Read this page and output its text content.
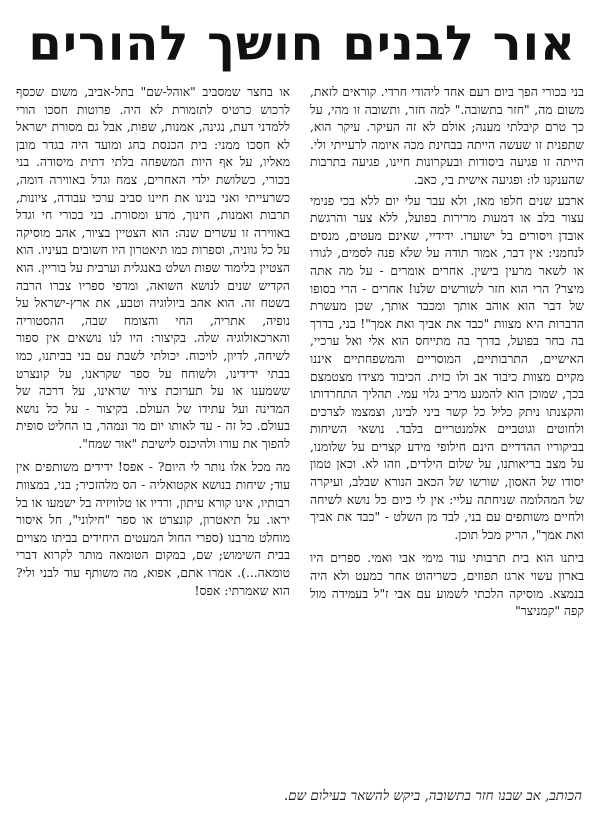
אור לבנים חושך להורים

בני בכורי הפך ביום רעם אחד ליהודי חרדי. קוראים לזאת, משום מה, "חזר בתשובה." למה חזר, ותשובה זו מהי, על כך טרם קיבלתי מענה; אולם לא זה העיקר. עיקר הוא, שתפנית זו שעשה הייתה בבחינת מכה איומה לרעייתי ולי. הייתה זו פגיעה ביסודות ובעקרונות חיינו, פגיעה בתרבות שהענקנו לו: ופגיעה אישית בי, כאב.

ארבע שנים חלפו מאז, ולא עבר עלי יום ללא בכי פנימי עצור בלב או דמעות מרירות בפועל, ללא צער והרגשת אובדן ויסורים בל ישוערו. ידידיי, שאינם מעטים, מנסים לנחמני: אין דבר, אמור תודה על שלא פנה לסמים, לגורו או לשאר מרעין בישין. אחרים אומרים - על מה אתה מיצר? הרי הוא חזר לשורשים שלנו! אחרים - הרי בסופו של דבר הוא אוהב אותך ומכבד אותך, שכן מעשרת הדברות היא מצוות "כבד את אביך ואת אמך"! בני, בדרך בה בחר בפועל, בדרך בה מתייחס הוא אלי ואל ערכיי, האישיים, התרבותיים, המוסריים והמשפחתיים איננו מקיים מצוות כיבוד אב ולו כזית. הכיבוד מצידו מצטמצם בכך, שמוכן הוא להמנע מריב גלוי עמי. תהליך התחרדותו והקצנתו ניתק כליל כל קשר ביני לבינו, וצמצמו לצרכים ולחוטים וגוטביים אלמנטריים בלבד. נושאי השיחות בביקוריו ההדדיים הינם חילופי מידע קצרים על שלומנו, על מצב בריאותנו, על שלום הילדים, וזהו לא. וכאן טמון יסודו של האסון, שורשו של הכאב הנורא שבלב, ועיקרה של המהלומה שניחתה עליי: אין לי כיום כל נושא לשיחה ולחיים משותפים עם בני, לבד מן השלט - "כבד את אביך ואת אמך", הריק מכל תוכן.

ביתנו הוא בית תרבותי עוד מימי אבי ואמי. ספרים היו בארון עשוי ארגז תפוזים, כשריהוט אחר כמעט ולא היה בנמצא. מוסיקה הלכתי לשמוע עם אבי ז"ל בעמידה מול קפה "קמניצר"

או בחצר שמסביב "אוהל-שם" בתל-אביב, משום שכסף לרכוש כרטיס לתזמורת לא היה. פרוטות חסכו הורי ללמדני דעת, נגינה, אמנות, שפות, אבל גם מסורת ישראל לא חסכו ממני: בית הכנסת בחג ומועד היה בגדר מובן מאליו, על אף היות המשפחה בלתי דתית מיסודה. בני בכורי, כשלושת ילדי האחרים, צמח וגדל באווירה דומה, כשרעייתי ואני בנינו את חיינו סביב ערכי עבודה, ציונות, תרבות ואמנות, חינוך, מדע ומסורת. בני בכורי חי וגדל באווירה זו עשרים שנה: הוא הצטיין בציור, אהב מוסיקה על כל גווניה, וספרות כמו תיאטרון היו חשובים בעיניו. הוא הצטיין בלימוד שפות ושלט באנגלית וערבית על בוריין. הוא הקדיש שנים לנושא השואה, ומדפי ספריו צברו הרבה בשטח זה. הוא אהב ביולוגיה וטבע, את ארץ-ישראל על נופיה, אתריה, החי והצומח שבה, ההסטוריה והארכאולוגיה שלה. בקיצור: היו לנו נושאים אין ספור לשיחה, לדיון, לויכוח. יכולתי לשבת עם בני בביתנו, כמו בבתי ידידינו, ולשוחח על ספר שקראנו, על קונצרט ששמענו או על תערוכת ציור שראינו, על דרכה של המדינה ועל עתידו של העולם. בקיצור - על כל נושא בעולם. כל זה - עד לאותו יום מר ונמהר, בו החליט סופית להפוך את עורו ולהיכנס לישיבת "אור שמח".

מה מכל אלו נותר לי היום? - אפס! ידידים משותפים אין עוד; שיחות בנושא אקטואליה - הס מלהזכיר; בני, במצוות רבותיו, אינו קורא עיתון, ורדיו או טלוויזיה בל ישמעו או בל יראו. על תיאטרון, קונצרט או ספר "חילוני", חל איסור מוחלט מרבנו (ספרי החול המעטים היחידים בביתו מצויים בבית השימוש; שם, במקום הטומאה מותר לקרוא דברי טומאה...). אמרו אתם, אפוא, מה משותף עוד לבני ולי? הוא שאמרתי: אפס!

הכותב, אב שבנו חזר בתשובה, ביקש להשאר בעילום שם.
